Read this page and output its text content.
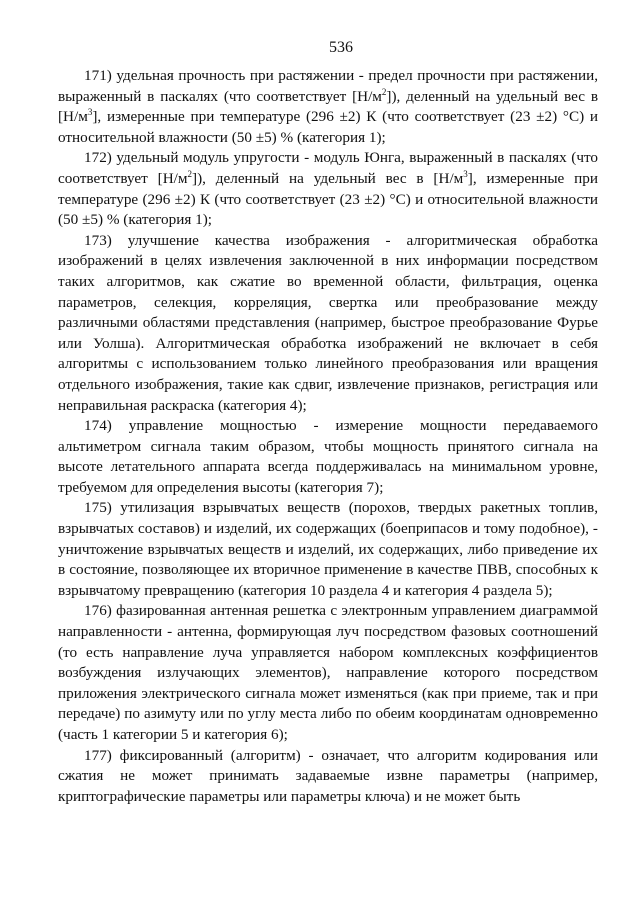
536

171) удельная прочность при растяжении - предел прочности при растяжении, выраженный в паскалях (что соответствует $[Н/м^2]$), деленный на удельный вес в $[Н/м^3]$, измеренные при температуре (296 ±2) К (что соответствует (23 ±2) °С) и относительной влажности (50 ±5) % (категория 1);

172) удельный модуль упругости - модуль Юнга, выраженный в паскалях (что соответствует $[Н/м^2]$), деленный на удельный вес в $[Н/м^3]$, измеренные при температуре (296 ±2) К (что соответствует (23 ±2) °С) и относительной влажности (50 ±5) % (категория 1);

173) улучшение качества изображения - алгоритмическая обработка изображений в целях извлечения заключенной в них информации посредством таких алгоритмов, как сжатие во временной области, фильтрация, оценка параметров, селекция, корреляция, свертка или преобразование между различными областями представления (например, быстрое преобразование Фурье или Уолша). Алгоритмическая обработка изображений не включает в себя алгоритмы с использованием только линейного преобразования или вращения отдельного изображения, такие как сдвиг, извлечение признаков, регистрация или неправильная раскраска (категория 4);

174) управление мощностью - измерение мощности передаваемого альтиметром сигнала таким образом, чтобы мощность принятого сигнала на высоте летательного аппарата всегда поддерживалась на минимальном уровне, требуемом для определения высоты (категория 7);

175) утилизация взрывчатых веществ (порохов, твердых ракетных топлив, взрывчатых составов) и изделий, их содержащих (боеприпасов и тому подобное), - уничтожение взрывчатых веществ и изделий, их содержащих, либо приведение их в состояние, позволяющее их вторичное применение в качестве ПВВ, способных к взрывчатому превращению (категория 10 раздела 4 и категория 4 раздела 5);

176) фазированная антенная решетка с электронным управлением диаграммой направленности - антенна, формирующая луч посредством фазовых соотношений (то есть направление луча управляется набором комплексных коэффициентов возбуждения излучающих элементов), направление которого посредством приложения электрического сигнала может изменяться (как при приеме, так и при передаче) по азимуту или по углу места либо по обеим координатам одновременно (часть 1 категории 5 и категория 6);

177) фиксированный (алгоритм) - означает, что алгоритм кодирования или сжатия не может принимать задаваемые извне параметры (например, криптографические параметры или параметры ключа) и не может быть
